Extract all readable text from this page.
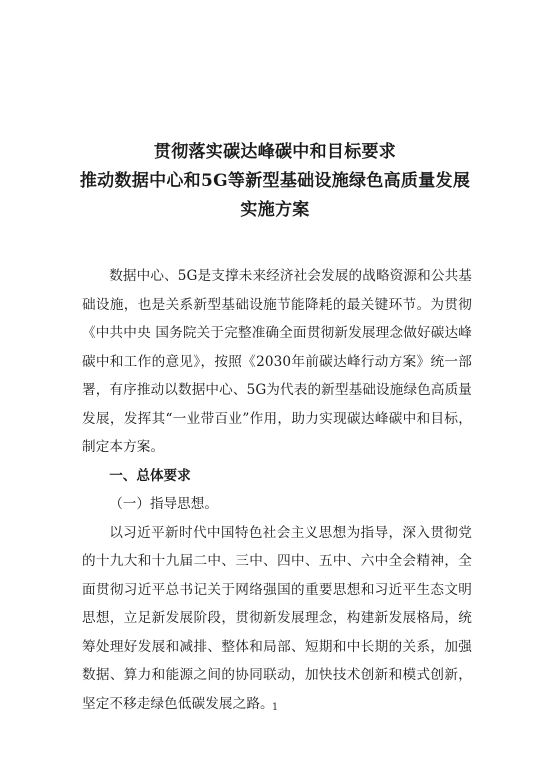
贯彻落实碳达峰碳中和目标要求
推动数据中心和5G等新型基础设施绿色高质量发展
实施方案

数据中心、5G是支撑未来经济社会发展的战略资源和公共基础设施，也是关系新型基础设施节能降耗的最关键环节。为贯彻《中共中央 国务院关于完整准确全面贯彻新发展理念做好碳达峰碳中和工作的意见》，按照《2030年前碳达峰行动方案》统一部署，有序推动以数据中心、5G为代表的新型基础设施绿色高质量发展，发挥其“一业带百业”作用，助力实现碳达峰碳中和目标，制定本方案。

一、总体要求

（一）指导思想。

以习近平新时代中国特色社会主义思想为指导，深入贯彻党的十九大和十九届二中、三中、四中、五中、六中全会精神，全面贯彻习近平总书记关于网络强国的重要思想和习近平生态文明思想，立足新发展阶段，贯彻新发展理念，构建新发展格局，统筹处理好发展和减排、整体和局部、短期和中长期的关系，加强数据、算力和能源之间的协同联动，加快技术创新和模式创新，坚定不移走绿色低碳发展之路。

1
